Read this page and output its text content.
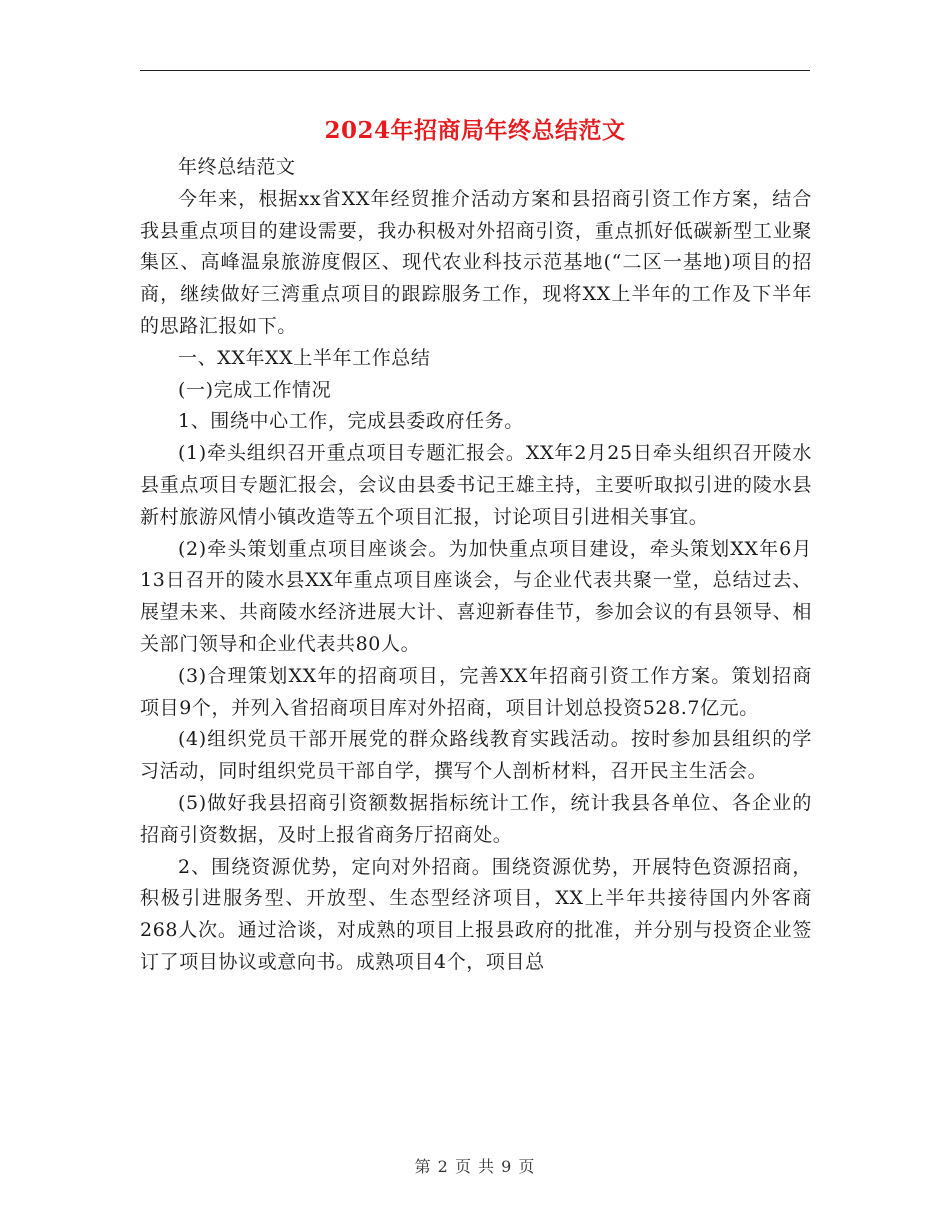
2024年招商局年终总结范文

年终总结范文

今年来，根据xx省XX年经贸推介活动方案和县招商引资工作方案，结合我县重点项目的建设需要，我办积极对外招商引资，重点抓好低碳新型工业聚集区、高峰温泉旅游度假区、现代农业科技示范基地(“二区一基地)项目的招商，继续做好三湾重点项目的跟踪服务工作，现将XX上半年的工作及下半年的思路汇报如下。

一、XX年XX上半年工作总结

(一)完成工作情况

1、围绕中心工作，完成县委政府任务。

(1)牵头组织召开重点项目专题汇报会。XX年2月25日牵头组织召开陵水县重点项目专题汇报会，会议由县委书记王雄主持，主要听取拟引进的陵水县新村旅游风情小镇改造等五个项目汇报，讨论项目引进相关事宜。

(2)牵头策划重点项目座谈会。为加快重点项目建设，牵头策划XX年6月13日召开的陵水县XX年重点项目座谈会，与企业代表共聚一堂，总结过去、展望未来、共商陵水经济进展大计、喜迎新春佳节，参加会议的有县领导、相关部门领导和企业代表共80人。

(3)合理策划XX年的招商项目，完善XX年招商引资工作方案。策划招商项目9个，并列入省招商项目库对外招商，项目计划总投资528.7亿元。

(4)组织党员干部开展党的群众路线教育实践活动。按时参加县组织的学习活动，同时组织党员干部自学，撰写个人剖析材料，召开民主生活会。

(5)做好我县招商引资额数据指标统计工作，统计我县各单位、各企业的招商引资数据，及时上报省商务厅招商处。

2、围绕资源优势，定向对外招商。围绕资源优势，开展特色资源招商，积极引进服务型、开放型、生态型经济项目，XX上半年共接待国内外客商268人次。通过洽谈，对成熟的项目上报县政府的批准，并分别与投资企业签订了项目协议或意向书。成熟项目4个，项目总

第 2 页 共 9 页
